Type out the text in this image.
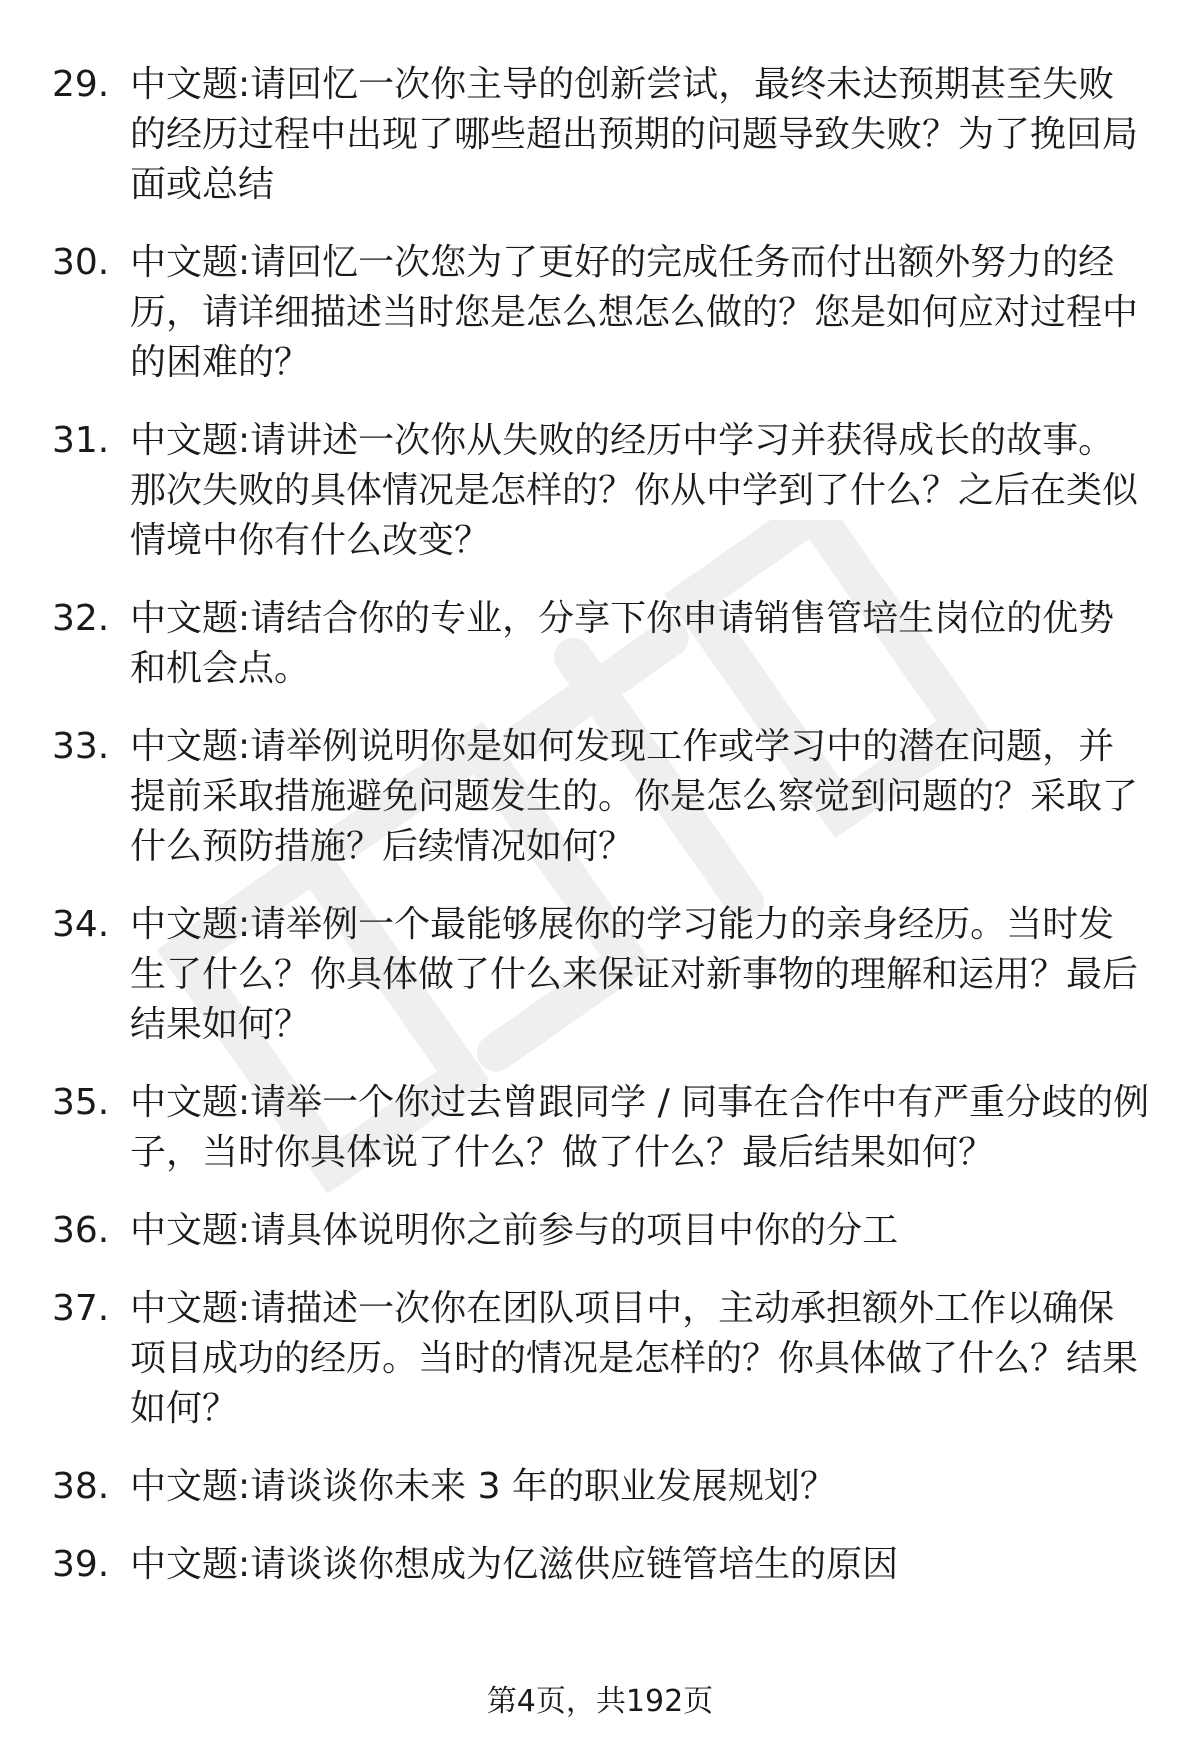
29. 中文题:请回忆一次你主导的创新尝试，最终未达预期甚至失败的经历过程中出现了哪些超出预期的问题导致失败？为了挽回局面或总结
30. 中文题:请回忆一次您为了更好的完成任务而付出额外努力的经历，请详细描述当时您是怎么想怎么做的？您是如何应对过程中的困难的？
31. 中文题:请讲述一次你从失败的经历中学习并获得成长的故事。那次失败的具体情况是怎样的？你从中学到了什么？之后在类似情境中你有什么改变？
32. 中文题:请结合你的专业，分享下你申请销售管培生岗位的优势和机会点。
33. 中文题:请举例说明你是如何发现工作或学习中的潜在问题，并提前采取措施避免问题发生的。你是怎么察觉到问题的？采取了什么预防措施？后续情况如何？
34. 中文题:请举例一个最能够展你的学习能力的亲身经历。当时发生了什么？你具体做了什么来保证对新事物的理解和运用？最后结果如何？
35. 中文题:请举一个你过去曾跟同学 / 同事在合作中有严重分歧的例子，当时你具体说了什么？做了什么？最后结果如何？
36. 中文题:请具体说明你之前参与的项目中你的分工
37. 中文题:请描述一次你在团队项目中，主动承担额外工作以确保项目成功的经历。当时的情况是怎样的？你具体做了什么？结果如何？
38. 中文题:请谈谈你未来 3 年的职业发展规划？
39. 中文题:请谈谈你想成为亿滋供应链管培生的原因
第4页，共192页
